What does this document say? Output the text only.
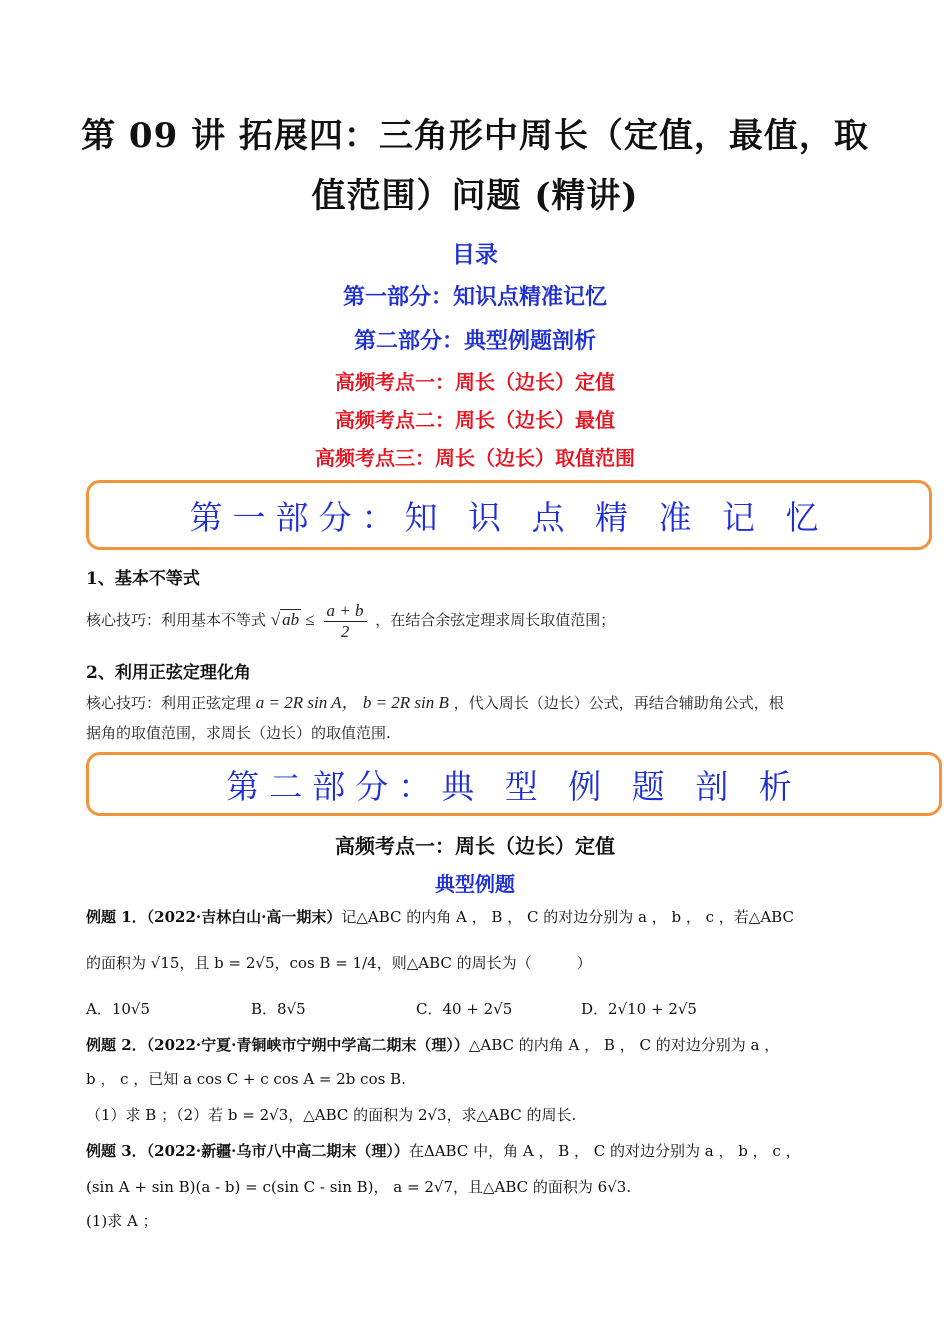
第 09 讲 拓展四：三角形中周长（定值，最值，取
值范围）问题 (精讲)
目录
第一部分：知识点精准记忆
第二部分：典型例题剖析
高频考点一：周长（边长）定值
高频考点二：周长（边长）最值
高频考点三：周长（边长）取值范围
第一部分：知 识 点 精 准 记 忆
1、基本不等式
核心技巧：利用基本不等式 √ ab ≤ $\frac{a + b}{2}$ ，在结合余弦定理求周长取值范围；
2、利用正弦定理化角
核心技巧：利用正弦定理 a = 2R sin A， b = 2R sin B ，代入周长（边长）公式，再结合辅助角公式，根
据角的取值范围，求周长（边长）的取值范围.
第二部分：典 型 例 题 剖 析
高频考点一：周长（边长）定值
典型例题
例题 1．（2022·吉林白山·高一期末）记△ABC 的内角 A ， B ， C 的对边分别为 a ， b ， c ，若△ABC
的面积为 √15，且 b = 2√5，cos B = 1/4，则△ABC 的周长为（　　　）
A．10√5	B．8√5	C．40 + 2√5	D．2√10 + 2√5
例题 2．（2022·宁夏·青铜峡市宁朔中学高二期末（理））△ABC 的内角 A ， B ， C 的对边分别为 a ，
b ， c ，已知 a cos C + c cos A = 2b cos B.
（1）求 B ；（2）若 b = 2√3，△ABC 的面积为 2√3，求△ABC 的周长.
例题 3．（2022·新疆·乌市八中高二期末（理））在ΔABC 中，角 A ， B ， C 的对边分别为 a ， b ， c ，
(sin A + sin B)(a - b) = c(sin C - sin B)， a = 2√7，且△ABC 的面积为 6√3.
(1)求 A ；
